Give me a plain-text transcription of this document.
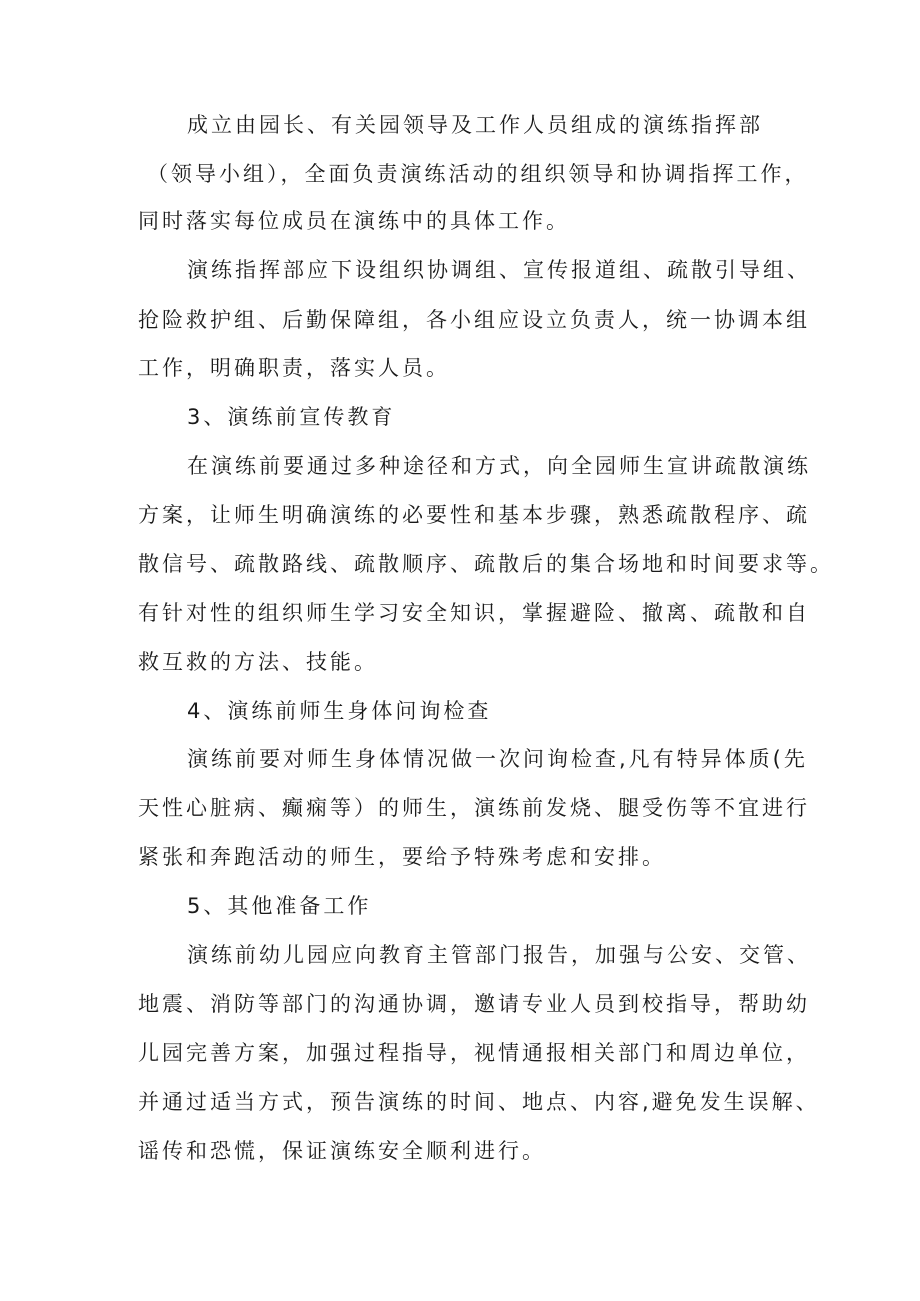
成立由园长、有关园领导及工作人员组成的演练指挥部
（领导小组），全面负责演练活动的组织领导和协调指挥工作，
同时落实每位成员在演练中的具体工作。
演练指挥部应下设组织协调组、宣传报道组、疏散引导组、
抢险救护组、后勤保障组，各小组应设立负责人，统一协调本组
工作，明确职责，落实人员。
3、演练前宣传教育
在演练前要通过多种途径和方式，向全园师生宣讲疏散演练
方案，让师生明确演练的必要性和基本步骤，熟悉疏散程序、疏
散信号、疏散路线、疏散顺序、疏散后的集合场地和时间要求等。
有针对性的组织师生学习安全知识，掌握避险、撤离、疏散和自
救互救的方法、技能。
4、演练前师生身体问询检查
演练前要对师生身体情况做一次问询检查,凡有特异体质(先
天性心脏病、癫痫等）的师生，演练前发烧、腿受伤等不宜进行
紧张和奔跑活动的师生，要给予特殊考虑和安排。
5、其他准备工作
演练前幼儿园应向教育主管部门报告，加强与公安、交管、
地震、消防等部门的沟通协调，邀请专业人员到校指导，帮助幼
儿园完善方案，加强过程指导，视情通报相关部门和周边单位，
并通过适当方式，预告演练的时间、地点、内容,避免发生误解、
谣传和恐慌，保证演练安全顺利进行。
